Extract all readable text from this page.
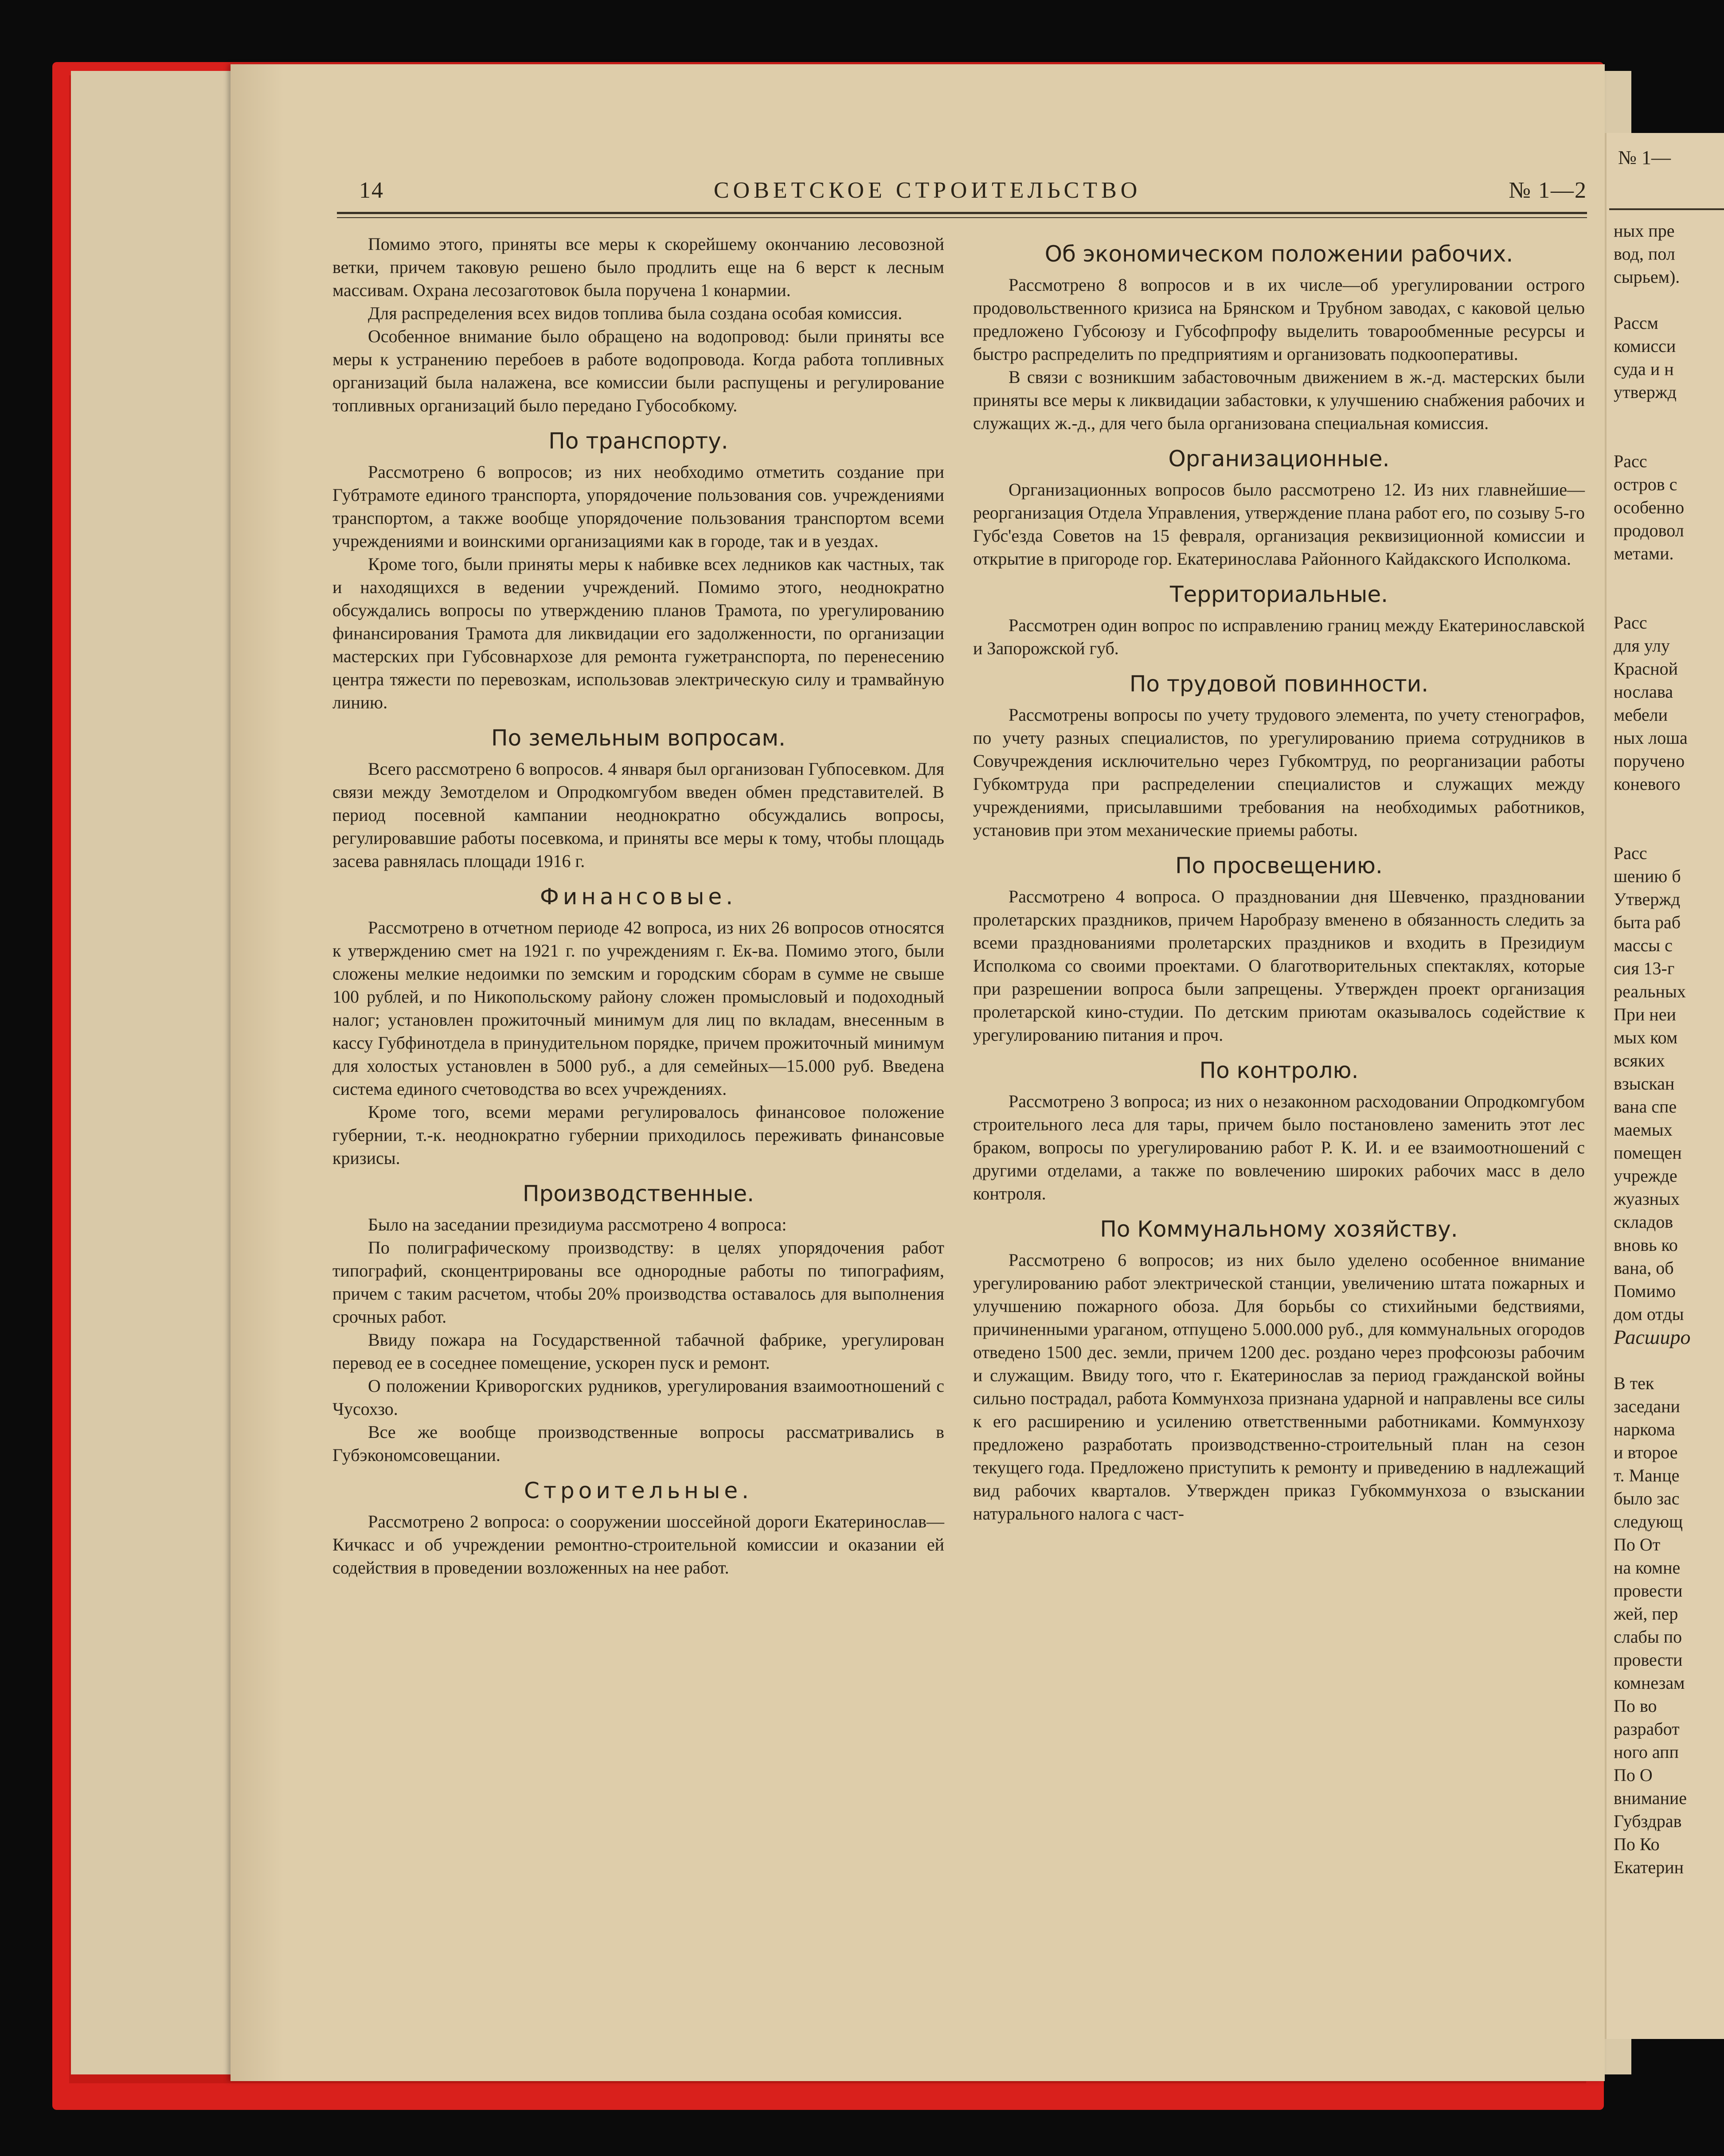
14	СОВЕТСКОЕ СТРОИТЕЛЬСТВО	№ 1—2

Помимо этого, приняты все меры к скорейшему окончанию лесовозной ветки, причем таковую решено было продлить еще на 6 верст к лесным массивам. Охрана лесозаготовок была поручена 1 конармии.

Для распределения всех видов топлива была создана особая комиссия.

Особенное внимание было обращено на водопровод: были приняты все меры к устранению перебоев в работе водопровода. Когда работа топливных организаций была налажена, все комиссии были распущены и регулирование топливных организаций было передано Губособкому.

По транспорту.

Рассмотрено 6 вопросов; из них необходимо отметить создание при Губтрамоте единого транспорта, упорядочение пользования сов. учреждениями транспортом, а также вообще упорядочение пользования транспортом всеми учреждениями и воинскими организациями как в городе, так и в уездах.

Кроме того, были приняты меры к набивке всех ледников как частных, так и находящихся в ведении учреждений. Помимо этого, неоднократно обсуждались вопросы по утверждению планов Трамота, по урегулированию финансирования Трамота для ликвидации его задолженности, по организации мастерских при Губсовнархозе для ремонта гужетранспорта, по перенесению центра тяжести по перевозкам, использовав электрическую силу и трамвайную линию.

По земельным вопросам.

Всего рассмотрено 6 вопросов. 4 января был организован Губпосевком. Для связи между Земотделом и Опродкомгубом введен обмен представителей. В период посевной кампании неоднократно обсуждались вопросы, регулировавшие работы посевкома, и приняты все меры к тому, чтобы площадь засева равнялась площади 1916 г.

Финансовые.

Рассмотрено в отчетном периоде 42 вопроса, из них 26 вопросов относятся к утверждению смет на 1921 г. по учреждениям г. Ек-ва. Помимо этого, были сложены мелкие недоимки по земским и городским сборам в сумме не свыше 100 рублей, и по Никопольскому району сложен промысловый и подоходный налог; установлен прожиточный минимум для лиц по вкладам, внесенным в кассу Губфинотдела в принудительном порядке, причем прожиточный минимум для холостых установлен в 5000 руб., а для семейных—15.000 руб. Введена система единого счетоводства во всех учреждениях.

Кроме того, всеми мерами регулировалось финансовое положение губернии, т.-к. неоднократно губернии приходилось переживать финансовые кризисы.

Производственные.

Было на заседании президиума рассмотрено 4 вопроса:

По полиграфическому производству: в целях упорядочения работ типографий, сконцентрированы все однородные работы по типографиям, причем с таким расчетом, чтобы 20% производства оставалось для выполнения срочных работ.

Ввиду пожара на Государственной табачной фабрике, урегулирован перевод ее в соседнее помещение, ускорен пуск и ремонт.

О положении Криворогских рудников, урегулирования взаимоотношений с Чусохзо.

Все же вообще производственные вопросы рассматривались в Губэкономсовещании.

Строительные.

Рассмотрено 2 вопроса: о сооружении шоссейной дороги Екатеринослав—Кичкасс и об учреждении ремонтно-строительной комиссии и оказании ей содействия в проведении возложенных на нее работ.

Об экономическом положении рабочих.

Рассмотрено 8 вопросов и в их числе—об урегулировании острого продовольственного кризиса на Брянском и Трубном заводах, с каковой целью предложено Губсоюзу и Губсофпрофу выделить товарообменные ресурсы и быстро распределить по предприятиям и организовать подкооперативы.

В связи с возникшим забастовочным движением в ж.-д. мастерских были приняты все меры к ликвидации забастовки, к улучшению снабжения рабочих и служащих ж.-д., для чего была организована специальная комиссия.

Организационные.

Организационных вопросов было рассмотрено 12. Из них главнейшие—реорганизация Отдела Управления, утверждение плана работ его, по созыву 5-го Губс'езда Советов на 15 февраля, организация реквизиционной комиссии и открытие в пригороде гор. Екатеринослава Районного Кайдакского Исполкома.

Территориальные.

Рассмотрен один вопрос по исправлению границ между Екатеринославской и Запорожской губ.

По трудовой повинности.

Рассмотрены вопросы по учету трудового элемента, по учету стенографов, по учету разных специалистов, по урегулированию приема сотрудников в Совучреждения исключительно через Губкомтруд, по реорганизации работы Губкомтруда при распределении специалистов и служащих между учреждениями, присылавшими требования на необходимых работников, установив при этом механические приемы работы.

По просвещению.

Рассмотрено 4 вопроса. О праздновании дня Шевченко, праздновании пролетарских праздников, причем Наробразу вменено в обязанность следить за всеми празднованиями пролетарских праздников и входить в Президиум Исполкома со своими проектами. О благотворительных спектаклях, которые при разрешении вопроса были запрещены. Утвержден проект организация пролетарской кино-студии. По детским приютам оказывалось содействие к урегулированию питания и проч.

По контролю.

Рассмотрено 3 вопроса; из них о незаконном расходовании Опродкомгубом строительного леса для тары, причем было постановлено заменить этот лес браком, вопросы по урегулированию работ Р. К. И. и ее взаимоотношений с другими отделами, а также по вовлечению широких рабочих масс в дело контроля.

По Коммунальному хозяйству.

Рассмотрено 6 вопросов; из них было уделено особенное внимание урегулированию работ электрической станции, увеличению штата пожарных и улучшению пожарного обоза. Для борьбы со стихийными бедствиями, причиненными ураганом, отпущено 5.000.000 руб., для коммунальных огородов отведено 1500 дес. земли, причем 1200 дес. роздано через профсоюзы рабочим и служащим. Ввиду того, что г. Екатеринослав за период гражданской войны сильно пострадал, работа Коммунхоза признана ударной и направлены все силы к его расширению и усилению ответственными работниками. Коммунхозу предложено разработать производственно-строительный план на сезон текущего года. Предложено приступить к ремонту и приведению в надлежащий вид рабочих кварталов. Утвержден приказ Губкоммунхоза о взыскании натурального налога с част-

№ 1—
ных пре
вод, пол
сырьем).
Рассм
комисси
суда и н
утвержд
Расс
остров с
особенно
продовол
метами.
Расс
для улу
Красной
нослава
мебели
ных лоша
поручено
коневого
Расс
шению б
Утвержд
быта раб
массы с
сия 13-г
реальных
При неи
мых ком
всяких
взыскан
вана спе
маемых
помещен
учрежде
жуазных
складов
вновь ко
вана, об
Помимо
дом отды
Расширо
В тек
заседани
наркома
и второе
т. Манце
было зас
следующ
По От
на комне
провести
жей, пер
слабы по
провести
комнезам
По во
разработ
ного апп
По О
внимание
Губздрав
По Ко
Екатерин
